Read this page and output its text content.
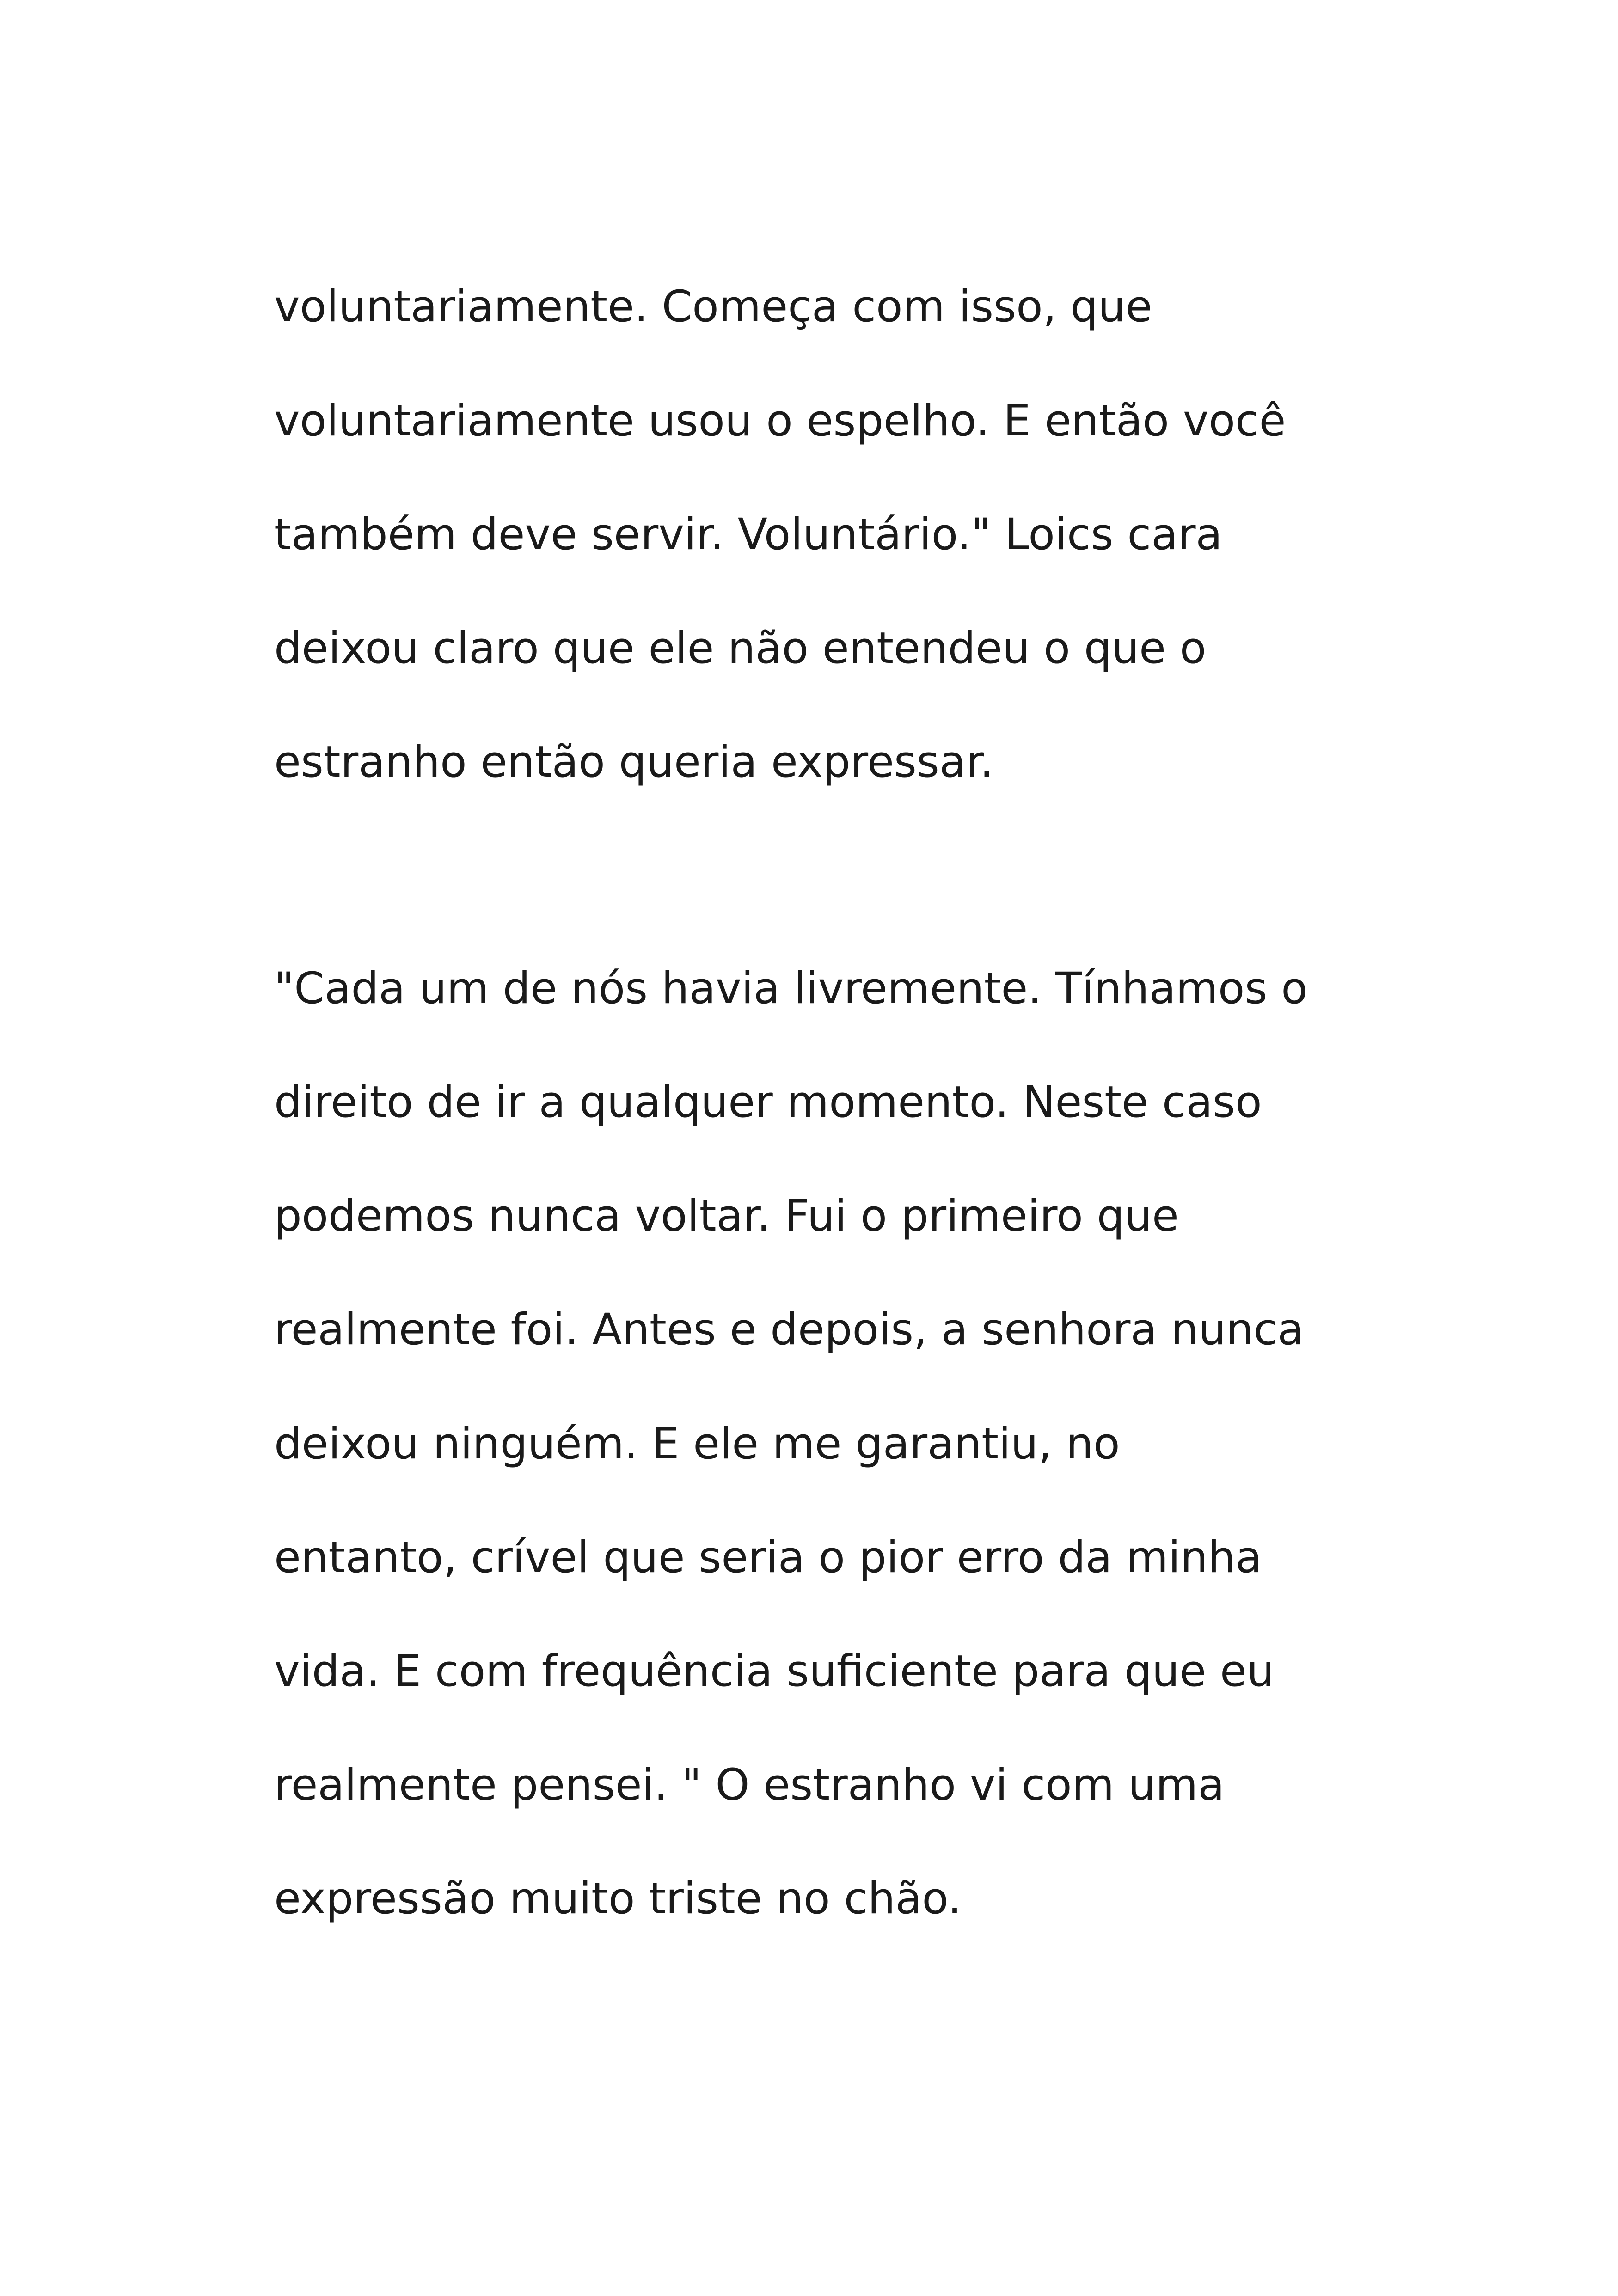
voluntariamente. Começa com isso, que

voluntariamente usou o espelho. E então você

também deve servir. Voluntário." Loics cara

deixou claro que ele não entendeu o que o

estranho então queria expressar.

"Cada um de nós havia livremente. Tínhamos o

direito de ir a qualquer momento. Neste caso

podemos nunca voltar. Fui o primeiro que

realmente foi. Antes e depois, a senhora nunca

deixou ninguém. E ele me garantiu, no

entanto, crível que seria o pior erro da minha

vida. E com frequência suficiente para que eu

realmente pensei. " O estranho vi com uma

expressão muito triste no chão.
